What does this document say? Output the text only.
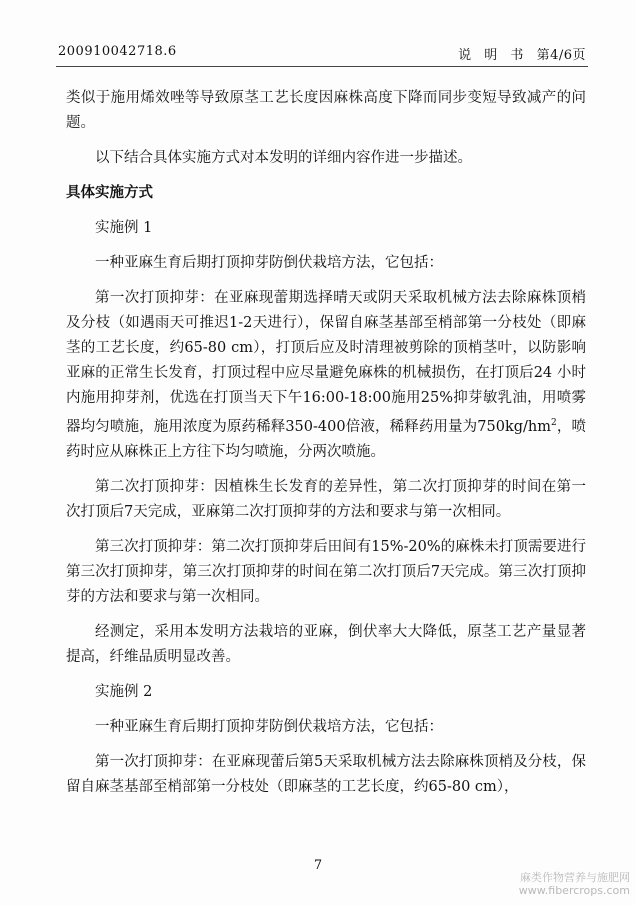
200910042718.6	说 明 书 第4/6页

类似于施用烯效唑等导致原茎工艺长度因麻株高度下降而同步变短导致减产的问题。

以下结合具体实施方式对本发明的详细内容作进一步描述。

具体实施方式

实施例 1

一种亚麻生育后期打顶抑芽防倒伏栽培方法，它包括：

第一次打顶抑芽：在亚麻现蕾期选择晴天或阴天采取机械方法去除麻株顶梢及分枝（如遇雨天可推迟1-2天进行），保留自麻茎基部至梢部第一分枝处（即麻茎的工艺长度，约65-80 cm），打顶后应及时清理被剪除的顶梢茎叶，以防影响亚麻的正常生长发育，打顶过程中应尽量避免麻株的机械损伤，在打顶后24 小时内施用抑芽剂，优选在打顶当天下午16:00-18:00施用25%抑芽敏乳油，用喷雾器均匀喷施，施用浓度为原药稀释350-400倍液，稀释药用量为$750kg/hm^2$，喷药时应从麻株正上方往下均匀喷施，分两次喷施。

第二次打顶抑芽：因植株生长发育的差异性，第二次打顶抑芽的时间在第一次打顶后7天完成，亚麻第二次打顶抑芽的方法和要求与第一次相同。

第三次打顶抑芽：第二次打顶抑芽后田间有15%-20%的麻株未打顶需要进行第三次打顶抑芽，第三次打顶抑芽的时间在第二次打顶后7天完成。第三次打顶抑芽的方法和要求与第一次相同。

经测定，采用本发明方法栽培的亚麻，倒伏率大大降低，原茎工艺产量显著提高，纤维品质明显改善。

实施例 2

一种亚麻生育后期打顶抑芽防倒伏栽培方法，它包括：

第一次打顶抑芽：在亚麻现蕾后第5天采取机械方法去除麻株顶梢及分枝，保留自麻茎基部至梢部第一分枝处（即麻茎的工艺长度，约65-80 cm），

7
麻类作物营养与施肥网
www.fibercrops.com
